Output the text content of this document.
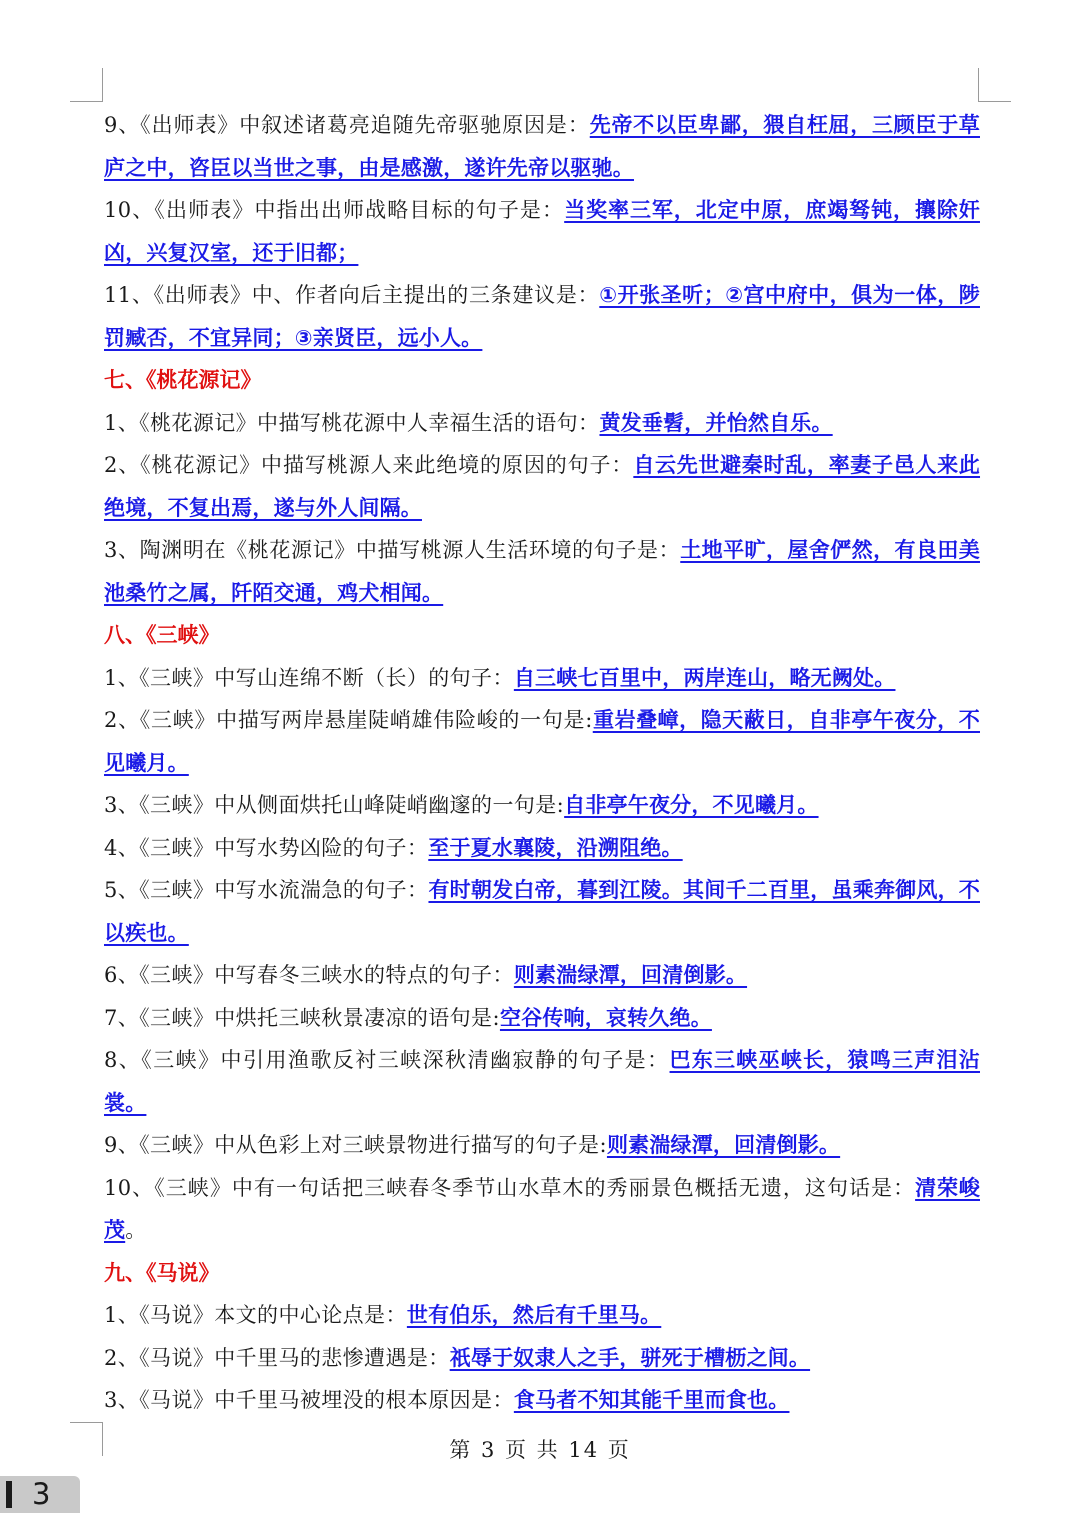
9、《出师表》中叙述诸葛亮追随先帝驱驰原因是：先帝不以臣卑鄙，猥自枉屈，三顾臣于草庐之中，咨臣以当世之事，由是感激，遂许先帝以驱驰。

10、《出师表》中指出出师战略目标的句子是：当奖率三军，北定中原，庶竭驽钝，攘除奸凶，兴复汉室，还于旧都；

11、《出师表》中、作者向后主提出的三条建议是：①开张圣听；②宫中府中，俱为一体，陟罚臧否，不宜异同；③亲贤臣，远小人。

七、《桃花源记》

1、《桃花源记》中描写桃花源中人幸福生活的语句：黄发垂髫，并怡然自乐。

2、《桃花源记》中描写桃源人来此绝境的原因的句子：自云先世避秦时乱，率妻子邑人来此绝境，不复出焉，遂与外人间隔。

3、陶渊明在《桃花源记》中描写桃源人生活环境的句子是：土地平旷，屋舍俨然，有良田美池桑竹之属，阡陌交通，鸡犬相闻。

八、《三峡》

1、《三峡》中写山连绵不断（长）的句子：自三峡七百里中，两岸连山，略无阙处。

2、《三峡》中描写两岸悬崖陡峭雄伟险峻的一句是:重岩叠嶂，隐天蔽日，自非亭午夜分，不见曦月。

3、《三峡》中从侧面烘托山峰陡峭幽邃的一句是:自非亭午夜分，不见曦月。

4、《三峡》中写水势凶险的句子：至于夏水襄陵，沿溯阻绝。

5、《三峡》中写水流湍急的句子：有时朝发白帝，暮到江陵。其间千二百里，虽乘奔御风，不以疾也。

6、《三峡》中写春冬三峡水的特点的句子：则素湍绿潭，回清倒影。

7、《三峡》中烘托三峡秋景凄凉的语句是:空谷传响，哀转久绝。

8、《三峡》中引用渔歌反衬三峡深秋清幽寂静的句子是：巴东三峡巫峡长，猿鸣三声泪沾裳。

9、《三峡》中从色彩上对三峡景物进行描写的句子是:则素湍绿潭，回清倒影。

10、《三峡》中有一句话把三峡春冬季节山水草木的秀丽景色概括无遗，这句话是：清荣峻茂。

九、《马说》

1、《马说》本文的中心论点是：世有伯乐，然后有千里马。

2、《马说》中千里马的悲惨遭遇是：祇辱于奴隶人之手，骈死于槽枥之间。

3、《马说》中千里马被埋没的根本原因是：食马者不知其能千里而食也。

第 3 页 共 14 页
3
